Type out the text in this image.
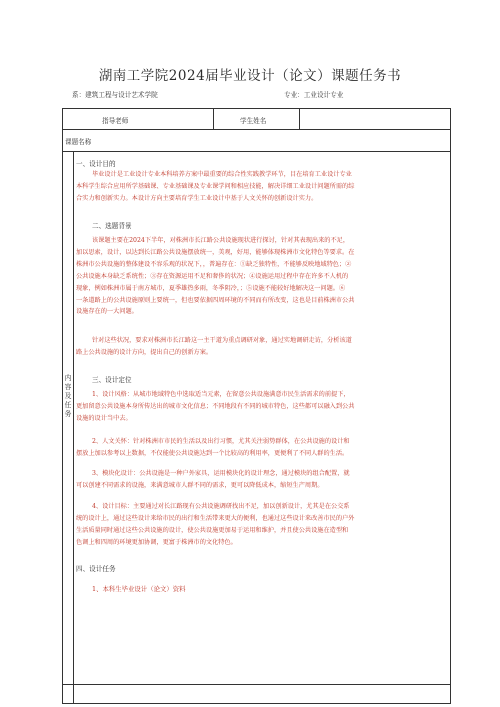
湖南工学院2024届毕业设计（论文）课题任务书
系：建筑工程与设计艺术学院	专业：工业设计专业
指导老师	学生姓名
课题名称
内
容
及
任
务
一、设计目的
毕业设计是工业设计专业本科培养方案中最重要的综合性实践教学环节，目在培育工业设计专业
本科学生综合应用所学基础课、专业基础课及专业课学问和相应技能，解决详细工业设计问题所需的综
合实力和创新实力。本设计方向主要培育学生工业设计中基于人文关怀的创新设计实力。
二、选题背景
该课题主要在2024下半年，对株洲市长江路公共设施现状进行探讨，针对其表现出来的不足，
加以思索，设计，以达到长江路公共设施摆放统一，美观，好用，能够体现株洲市文化特色等要求。在
株洲市公共设施的整体建设不容乐观的状况下，，普遍存在：①缺乏独特性，不能够反映地域特色；②
公共设施本身缺乏系统性；③存在资源运用不足和奢侈的状况；④设施运用过程中存在许多不人机的
现象，例如株洲市属于南方城市，夏季雄热多雨，冬季阴冷，；⑤设施不能较好地解决这一问题。⑥
一条道路上的公共设施原则上要统一，但也要依据四周环境的不同而有所改变，这也是目前株洲市公共
设施存在的一大问题。
针对这些状况，要求对株洲市长江路这一主干道为重点调研对象，通过实地调研走访，分析该道
路上公共设施的设计方向，提出自己的创新方案。
三、设计定位
1、设计风格：从城市地域特色中选取适当元素，在留意公共设施满意市民生活需求的前提下，
更加留意公共设施本身所传达出的城市文化信息；不同地段有不同的城市特色，这些都可以融入到公共
设施的设计当中去。
2、人文关怀：针对株洲市市民的生活以及出行习惯，尤其关注弱势群体，在公共设施的设计和
摆放上加以参考以上数据，不仅能使公共设施达到一个比较高的利用率，更便利了不同人群的生活。
3、模块化设计：公共设施是一种户外家具，运用模块化的设计理念，通过模块的组合配置，就
可以创建不同需求的设施，来满意城市人群不同的需求，更可以降低成本，缩短生产周期。
4、设计目标：主要通过对长江路现有公共设施调研找出不足，加以创新设计，尤其是在公交系
统的设计上，通过这些设计来给市民的出行和生活带来更大的便利，也通过这些设计来改善市民的户外
生活质量同时通过这些公共设施的设计，使公共设施更加易于运用和维护，并且使公共设施在造型和
色调上和四周的环境更加协调，更富于株洲市的文化特色。
四、设计任务
1、本科生毕业设计（论文）资料
